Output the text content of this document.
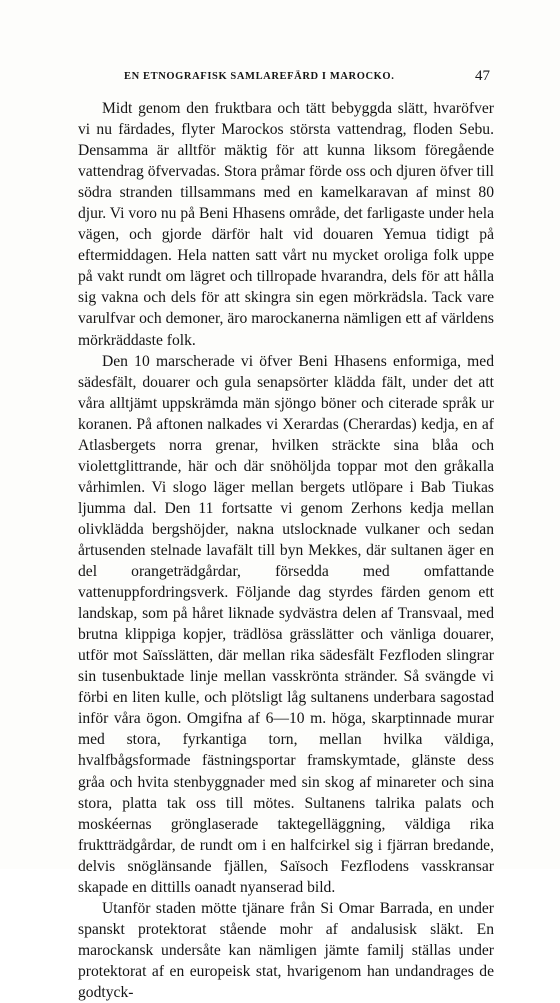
EN ETNOGRAFISK SAMLAREFÄRD I MAROCKO.	47

Midt genom den fruktbara och tätt bebyggda slätt, hvaröfver vi nu färdades, flyter Marockos största vattendrag, floden Sebu. Densamma är alltför mäktig för att kunna liksom föregående vattendrag öfvervadas. Stora pråmar förde oss och djuren öfver till södra stranden tillsammans med en kamelkaravan af minst 80 djur. Vi voro nu på Beni Hhasens område, det farligaste under hela vägen, och gjorde därför halt vid douaren Yemua tidigt på eftermiddagen. Hela natten satt vårt nu mycket oroliga folk uppe på vakt rundt om lägret och tillropade hvarandra, dels för att hålla sig vakna och dels för att skingra sin egen mörkrädsla. Tack vare varulfvar och demoner, äro marockanerna nämligen ett af världens mörkräddaste folk.

Den 10 marscherade vi öfver Beni Hhasens enformiga, med sädesfält, douarer och gula senapsörter klädda fält, under det att våra alltjämt uppskrämda män sjöngo böner och citerade språk ur koranen. På aftonen nalkades vi Xerardas (Cherardas) kedja, en af Atlasbergets norra grenar, hvilken sträckte sina blåa och violettglittrande, här och där snöhöljda toppar mot den gråkalla vårhimlen. Vi slogo läger mellan bergets utlöpare i Bab Tiukas ljumma dal. Den 11 fortsatte vi genom Zerhons kedja mellan olivklädda bergshöjder, nakna utslocknade vulkaner och sedan årtusenden stelnade lavafält till byn Mekkes, där sultanen äger en del orangeträdgårdar, försedda med omfattande vattenuppfordringsverk. Följande dag styrdes färden genom ett landskap, som på håret liknade sydvästra delen af Transvaal, med brutna klippiga kopjer, trädlösa grässlätter och vänliga douarer, utför mot Saïsslätten, där mellan rika sädesfält Fezfloden slingrar sin tusenbuktade linje mellan vasskrönta stränder. Så svängde vi förbi en liten kulle, och plötsligt låg sultanens underbara sagostad inför våra ögon. Omgifna af 6—10 m. höga, skarptinnade murar med stora, fyrkantiga torn, mellan hvilka väldiga, hvalfbågsformade fästningsportar framskymtade, glänste dess gråa och hvita stenbyggnader med sin skog af minareter och sina stora, platta tak oss till mötes. Sultanens talrika palats och moskéernas grönglaserade taktegelläggning, väldiga rika fruktträdgårdar, de rundt om i en halfcirkel sig i fjärran bredande, delvis snöglänsande fjällen, Saïsoch Fezflodens vasskransar skapade en dittills oanadt nyanserad bild.

Utanför staden mötte tjänare från Si Omar Barrada, en under spanskt protektorat stående mohr af andalusisk släkt. En marockansk undersåte kan nämligen jämte familj ställas under protektorat af en europeisk stat, hvarigenom han undandrages de godtyck-
